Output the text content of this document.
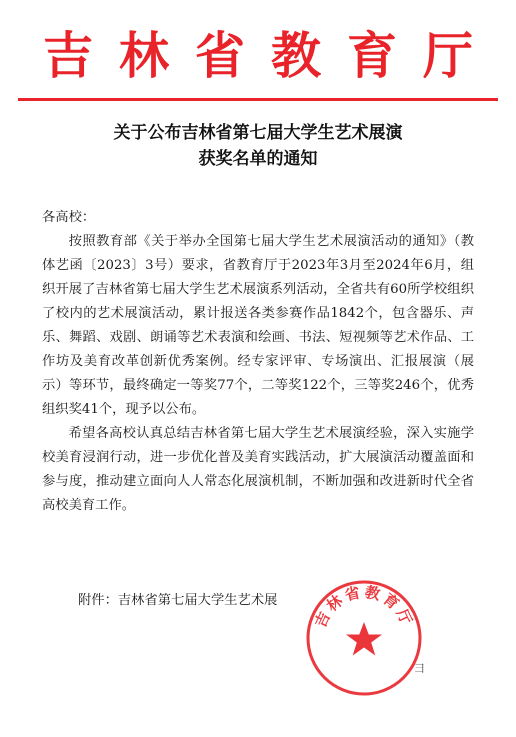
吉林省教育厅
关于公布吉林省第七届大学生艺术展演
获奖名单的通知

各高校：

按照教育部《关于举办全国第七届大学生艺术展演活动的通知》（教体艺函〔2023〕3号）要求，省教育厅于2023年3月至2024年6月，组织开展了吉林省第七届大学生艺术展演系列活动，全省共有60所学校组织了校内的艺术展演活动，累计报送各类参赛作品1842个，包含器乐、声乐、舞蹈、戏剧、朗诵等艺术表演和绘画、书法、短视频等艺术作品、工作坊及美育改革创新优秀案例。经专家评审、专场演出、汇报展演（展示）等环节，最终确定一等奖77个，二等奖122个，三等奖246个，优秀组织奖41个，现予以公布。

希望各高校认真总结吉林省第七届大学生艺术展演经验，深入实施学校美育浸润行动，进一步优化普及美育实践活动，扩大展演活动覆盖面和参与度，推动建立面向人人常态化展演机制，不断加强和改进新时代全省高校美育工作。

附件：吉林省第七届大学生艺术展
吉林省教育厅
彐
